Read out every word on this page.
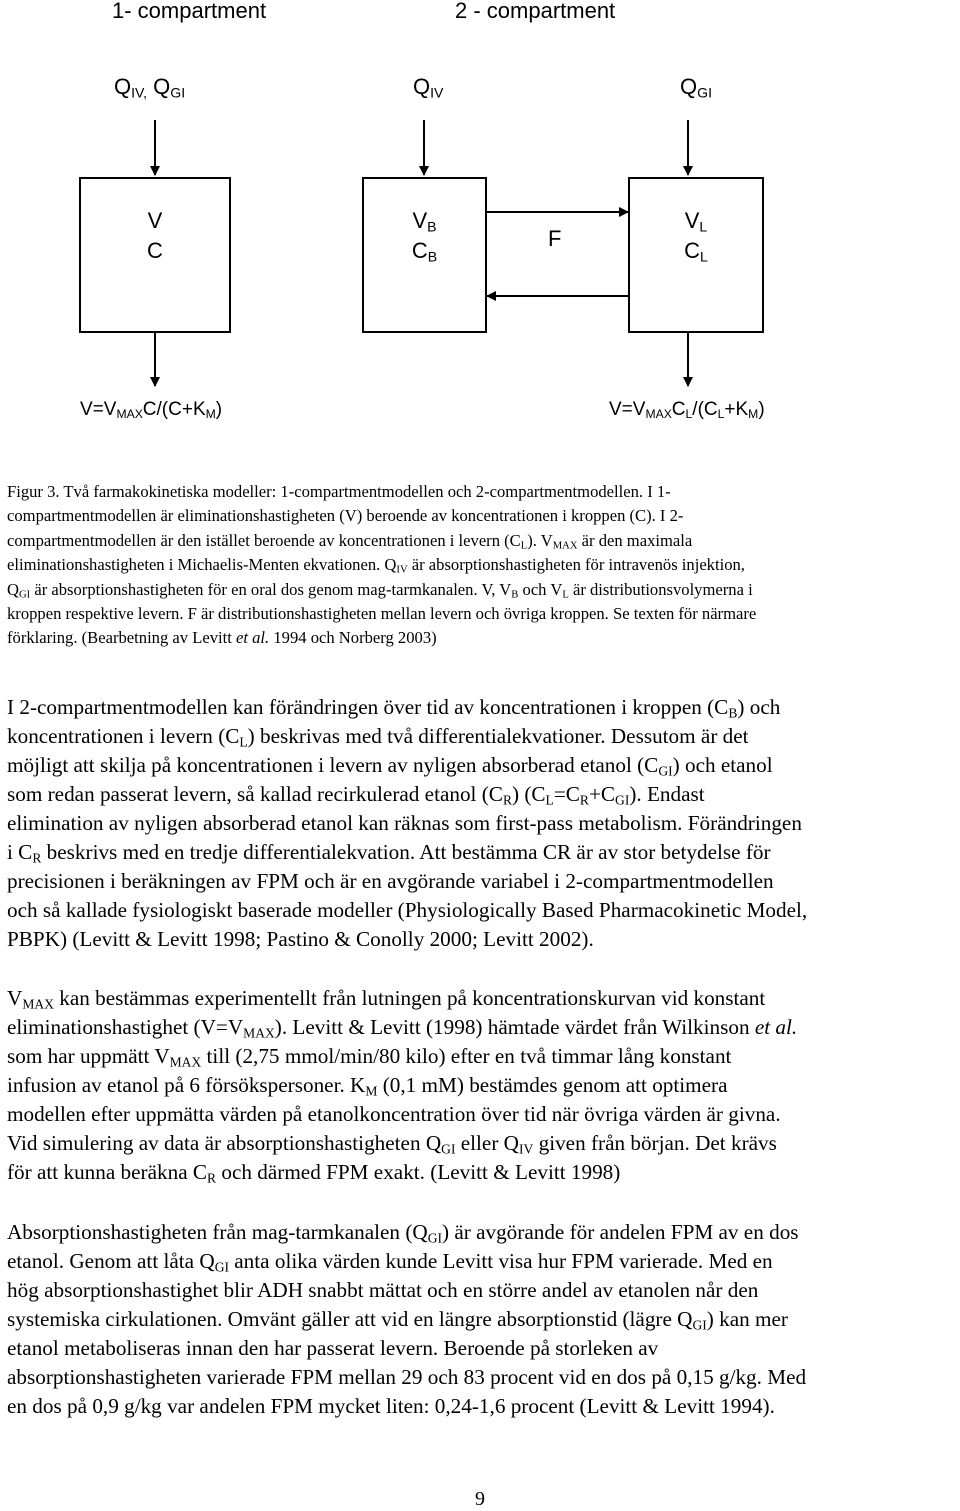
1- compartment	2 - compartment
$Q_{IV,}$ $Q_{GI}$	$Q_{IV}$	$Q_{GI}$
V
C
$V_B$
$C_B$
F
$V_L$
$C_L$
$V=V_{MAX}C/(C+K_M)$	$V=V_{MAX}C_L/(C_L+K_M)$
Figur 3. Två farmakokinetiska modeller: 1-compartmentmodellen och 2-compartmentmodellen. I 1-
compartmentmodellen är eliminationshastigheten (V) beroende av koncentrationen i kroppen (C). I 2-
compartmentmodellen är den istället beroende av koncentrationen i levern $(C_L)$. $V_{MAX}$ är den maximala
eliminationshastigheten i Michaelis-Menten ekvationen. $Q_{IV}$ är absorptionshastigheten för intravenös injektion,
$Q_{GI}$ är absorptionshastigheten för en oral dos genom mag-tarmkanalen. V, $V_B$ och $V_L$ är distributionsvolymerna i
kroppen respektive levern. F är distributionshastigheten mellan levern och övriga kroppen. Se texten för närmare
förklaring. (Bearbetning av Levitt et al. 1994 och Norberg 2003)
I 2-compartmentmodellen kan förändringen över tid av koncentrationen i kroppen $(C_B)$ och
koncentrationen i levern $(C_L)$ beskrivas med två differentialekvationer. Dessutom är det
möjligt att skilja på koncentrationen i levern av nyligen absorberad etanol $(C_{GI})$ och etanol
som redan passerat levern, så kallad recirkulerad etanol $(C_R)$ $(C_L=C_R+C_{GI})$. Endast
elimination av nyligen absorberad etanol kan räknas som first-pass metabolism. Förändringen
i $C_R$ beskrivs med en tredje differentialekvation. Att bestämma CR är av stor betydelse för
precisionen i beräkningen av FPM och är en avgörande variabel i 2-compartmentmodellen
och så kallade fysiologiskt baserade modeller (Physiologically Based Pharmacokinetic Model,
PBPK) (Levitt & Levitt 1998; Pastino & Conolly 2000; Levitt 2002).
$V_{MAX}$ kan bestämmas experimentellt från lutningen på koncentrationskurvan vid konstant
eliminationshastighet $(V=V_{MAX})$. Levitt & Levitt (1998) hämtade värdet från Wilkinson et al.
som har uppmätt $V_{MAX}$ till (2,75 mmol/min/80 kilo) efter en två timmar lång konstant
infusion av etanol på 6 försökspersoner. $K_M$ (0,1 mM) bestämdes genom att optimera
modellen efter uppmätta värden på etanolkoncentration över tid när övriga värden är givna.
Vid simulering av data är absorptionshastigheten $Q_{GI}$ eller $Q_{IV}$ given från början. Det krävs
för att kunna beräkna $C_R$ och därmed FPM exakt. (Levitt & Levitt 1998)
Absorptionshastigheten från mag-tarmkanalen $(Q_{GI})$ är avgörande för andelen FPM av en dos
etanol. Genom att låta $Q_{GI}$ anta olika värden kunde Levitt visa hur FPM varierade. Med en
hög absorptionshastighet blir ADH snabbt mättat och en större andel av etanolen når den
systemiska cirkulationen. Omvänt gäller att vid en längre absorptionstid (lägre $Q_{GI}$) kan mer
etanol metaboliseras innan den har passerat levern. Beroende på storleken av
absorptionshastigheten varierade FPM mellan 29 och 83 procent vid en dos på 0,15 g/kg. Med
en dos på 0,9 g/kg var andelen FPM mycket liten: 0,24-1,6 procent (Levitt & Levitt 1994).
9
